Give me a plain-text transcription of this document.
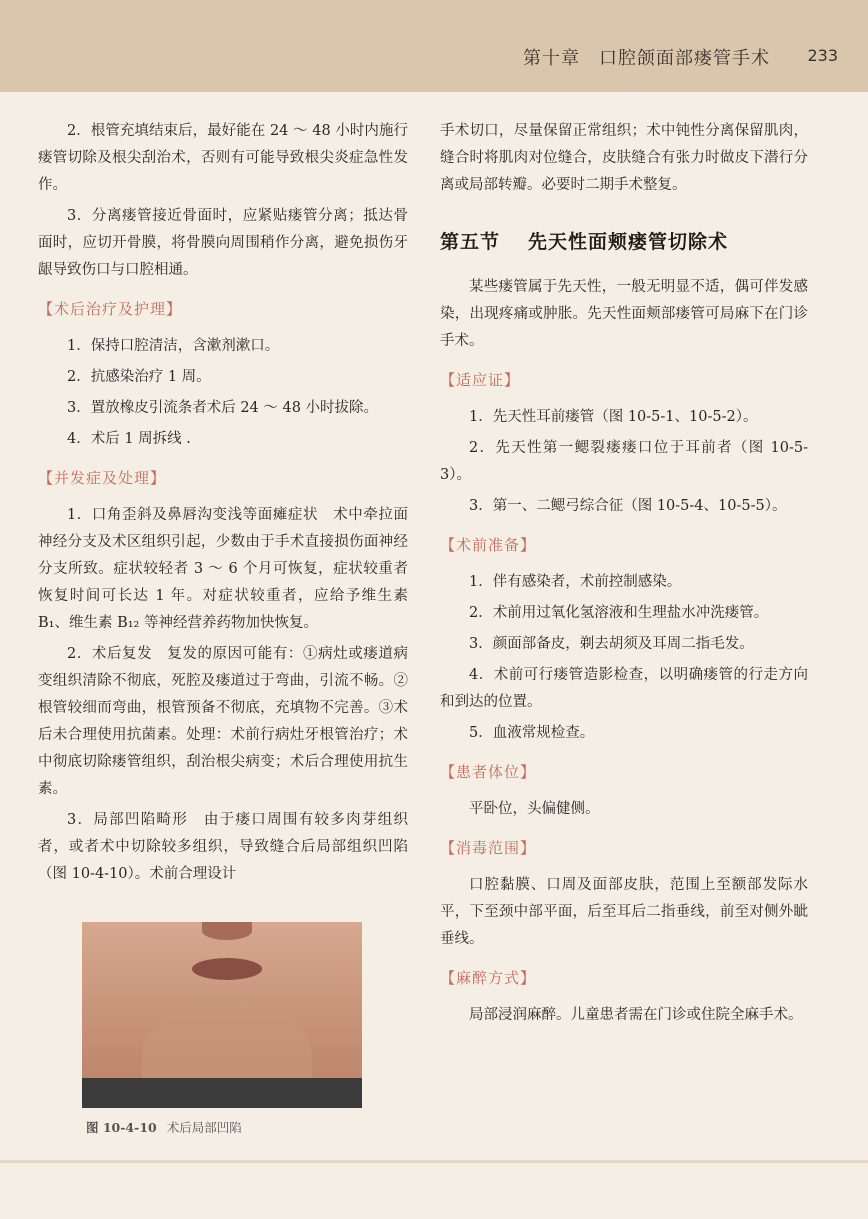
第十章　口腔颌面部瘘管手术 233

2．根管充填结束后，最好能在 24 ～ 48 小时内施行瘘管切除及根尖刮治术，否则有可能导致根尖炎症急性发作。

3．分离瘘管接近骨面时，应紧贴瘘管分离；抵达骨面时，应切开骨膜，将骨膜向周围稍作分离，避免损伤牙龈导致伤口与口腔相通。

【术后治疗及护理】

1．保持口腔清洁，含漱剂漱口。

2．抗感染治疗 1 周。

3．置放橡皮引流条者术后 24 ～ 48 小时拔除。

4．术后 1 周拆线 .

【并发症及处理】

1．口角歪斜及鼻唇沟变浅等面瘫症状　术中牵拉面神经分支及术区组织引起，少数由于手术直接损伤面神经分支所致。症状较轻者 3 ～ 6 个月可恢复，症状较重者恢复时间可长达 1 年。对症状较重者，应给予维生素 B₁、维生素 B₁₂ 等神经营养药物加快恢复。

2．术后复发　复发的原因可能有：①病灶或瘘道病变组织清除不彻底，死腔及瘘道过于弯曲，引流不畅。②根管较细而弯曲，根管预备不彻底，充填物不完善。③术后未合理使用抗菌素。处理：术前行病灶牙根管治疗；术中彻底切除瘘管组织，刮治根尖病变；术后合理使用抗生素。

3．局部凹陷畸形　由于瘘口周围有较多肉芽组织者，或者术中切除较多组织，导致缝合后局部组织凹陷（图 10-4-10）。术前合理设计

图 10-4-10 术后局部凹陷

手术切口，尽量保留正常组织；术中钝性分离保留肌肉，缝合时将肌肉对位缝合，皮肤缝合有张力时做皮下潜行分离或局部转瓣。必要时二期手术整复。

第五节 先天性面颊瘘管切除术

某些瘘管属于先天性，一般无明显不适，偶可伴发感染，出现疼痛或肿胀。先天性面颊部瘘管可局麻下在门诊手术。

【适应证】

1．先天性耳前瘘管（图 10-5-1、10-5-2）。

2．先天性第一鳃裂瘘瘘口位于耳前者（图 10-5-3）。

3．第一、二鳃弓综合征（图 10-5-4、10-5-5）。

【术前准备】

1．伴有感染者，术前控制感染。

2．术前用过氧化氢溶液和生理盐水冲洗瘘管。

3．颜面部备皮，剃去胡须及耳周二指毛发。

4．术前可行瘘管造影检查，以明确瘘管的行走方向和到达的位置。

5．血液常规检查。

【患者体位】

平卧位，头偏健侧。

【消毒范围】

口腔黏膜、口周及面部皮肤，范围上至额部发际水平，下至颈中部平面，后至耳后二指垂线，前至对侧外眦垂线。

【麻醉方式】

局部浸润麻醉。儿童患者需在门诊或住院全麻手术。
